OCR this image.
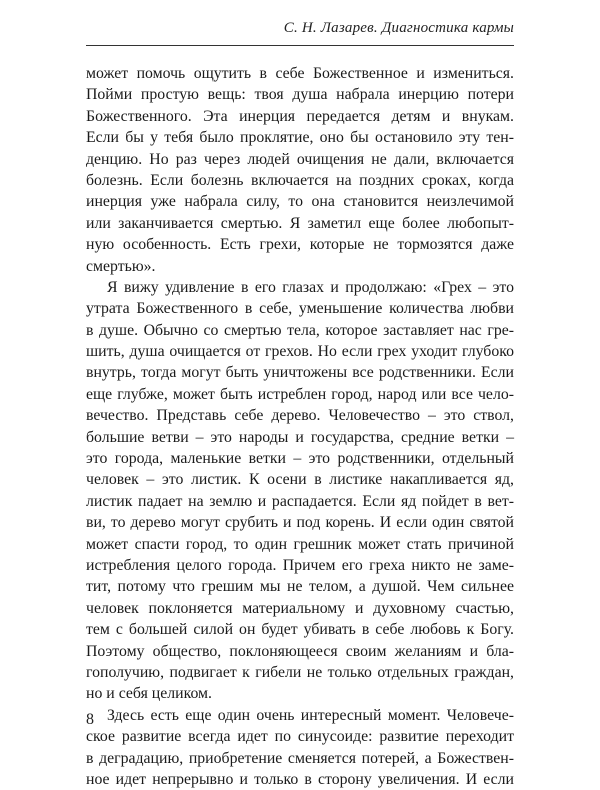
С. Н. Лазарев. Диагностика кармы
может помочь ощутить в себе Божественное и измениться.
Пойми простую вещь: твоя душа набрала инерцию потери
Божественного. Эта инерция передается детям и внукам.
Если бы у тебя было проклятие, оно бы остановило эту тен-
денцию. Но раз через людей очищения не дали, включается
болезнь. Если болезнь включается на поздних сроках, когда
инерция уже набрала силу, то она становится неизлечимой
или заканчивается смертью. Я заметил еще более любопыт-
ную особенность. Есть грехи, которые не тормозятся даже
смертью».
Я вижу удивление в его глазах и продолжаю: «Грех – это
утрата Божественного в себе, уменьшение количества любви
в душе. Обычно со смертью тела, которое заставляет нас гре-
шить, душа очищается от грехов. Но если грех уходит глубоко
внутрь, тогда могут быть уничтожены все родственники. Если
еще глубже, может быть истреблен город, народ или все чело-
вечество. Представь себе дерево. Человечество – это ствол,
большие ветви – это народы и государства, средние ветки –
это города, маленькие ветки – это родственники, отдельный
человек – это листик. К осени в листике накапливается яд,
листик падает на землю и распадается. Если яд пойдет в вет-
ви, то дерево могут срубить и под корень. И если один святой
может спасти город, то один грешник может стать причиной
истребления целого города. Причем его греха никто не заме-
тит, потому что грешим мы не телом, а душой. Чем сильнее
человек поклоняется материальному и духовному счастью,
тем с большей силой он будет убивать в себе любовь к Богу.
Поэтому общество, поклоняющееся своим желаниям и бла-
гополучию, подвигает к гибели не только отдельных граждан,
но и себя целиком.
Здесь есть еще один очень интересный момент. Человече-
ское развитие всегда идет по синусоиде: развитие переходит
в деградацию, приобретение сменяется потерей, а Божествен-
ное идет непрерывно и только в сторону увеличения. И если
8
